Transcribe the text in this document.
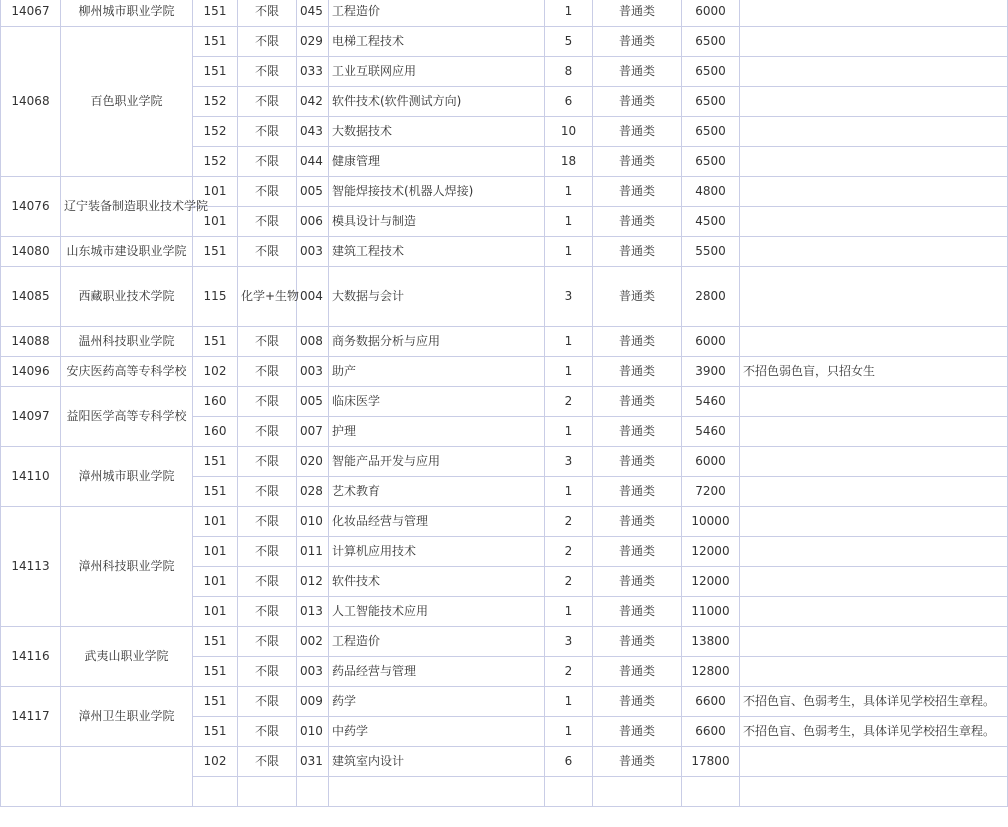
14067	柳州城市职业学院	151	不限	045	工程造价	1	普通类	6000	
14068	百色职业学院	151	不限	029	电梯工程技术	5	普通类	6500	
		151	不限	033	工业互联网应用	8	普通类	6500	
		152	不限	042	软件技术(软件测试方向)	6	普通类	6500	
		152	不限	043	大数据技术	10	普通类	6500	
		152	不限	044	健康管理	18	普通类	6500	
14076	辽宁装备制造职业技术学院	101	不限	005	智能焊接技术(机器人焊接)	1	普通类	4800	
		101	不限	006	模具设计与制造	1	普通类	4500	
14080	山东城市建设职业学院	151	不限	003	建筑工程技术	1	普通类	5500	
14085	西藏职业技术学院	115	化学+生物	004	大数据与会计	3	普通类	2800	
14088	温州科技职业学院	151	不限	008	商务数据分析与应用	1	普通类	6000	
14096	安庆医药高等专科学校	102	不限	003	助产	1	普通类	3900	不招色弱色盲，只招女生
14097	益阳医学高等专科学校	160	不限	005	临床医学	2	普通类	5460	
		160	不限	007	护理	1	普通类	5460	
14110	漳州城市职业学院	151	不限	020	智能产品开发与应用	3	普通类	6000	
		151	不限	028	艺术教育	1	普通类	7200	
14113	漳州科技职业学院	101	不限	010	化妆品经营与管理	2	普通类	10000	
		101	不限	011	计算机应用技术	2	普通类	12000	
		101	不限	012	软件技术	2	普通类	12000	
		101	不限	013	人工智能技术应用	1	普通类	11000	
14116	武夷山职业学院	151	不限	002	工程造价	3	普通类	13800	
		151	不限	003	药品经营与管理	2	普通类	12800	
14117	漳州卫生职业学院	151	不限	009	药学	1	普通类	6600	不招色盲、色弱考生，具体详见学校招生章程。
		151	不限	010	中药学	1	普通类	6600	不招色盲、色弱考生，具体详见学校招生章程。
		102	不限	031	建筑室内设计	6	普通类	17800	
